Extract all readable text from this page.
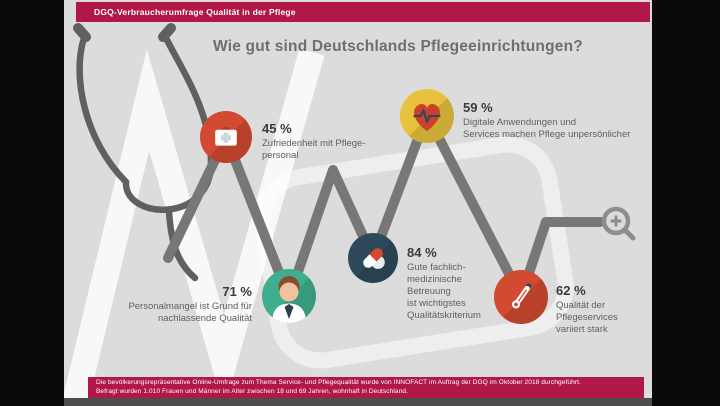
DGQ-Verbraucherumfrage Qualität in der Pflege
Wie gut sind Deutschlands Pflegeeinrichtungen?
45 %
Zufriedenheit mit Pflege-
personal
71 %
Personalmangel ist Grund für
nachlassende Qualität
84 %
Gute fachlich-
medizinische
Betreuung
ist wichtigstes
Qualitätskriterium
59 %
Digitale Anwendungen und
Services machen Pflege unpersönlicher
62 %
Qualität der
Pflegeservices
variiert stark
Die bevölkerungsrepräsentative Online-Umfrage zum Thema Service- und Pflegequalität wurde von INNOFACT im Auftrag der DGQ im Oktober 2018 durchgeführt.
Befragt wurden 1.010 Frauen und Männer im Alter zwischen 18 und 69 Jahren, wohnhaft in Deutschland.
